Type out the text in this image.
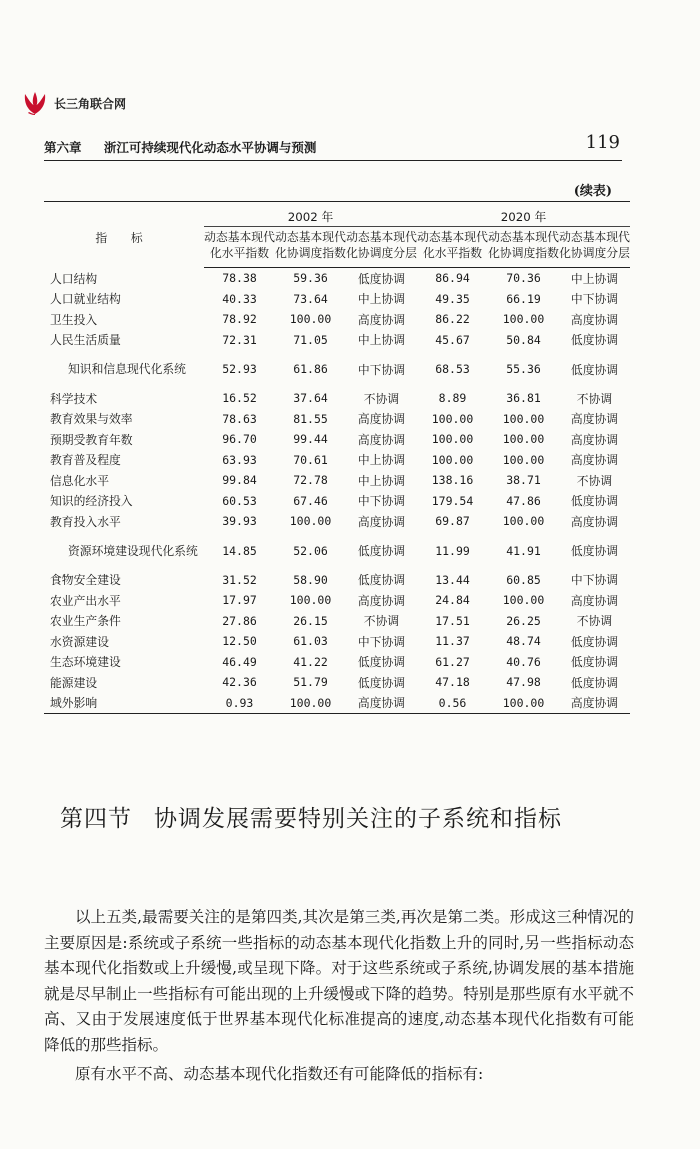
长三角联合网
第六章 浙江可持续现代化动态水平协调与预测	119
(续表)
指 标	2002 年			2020 年		
	动态基本现代化水平指数	动态基本现代化协调度指数	动态基本现代化协调度分层	动态基本现代化水平指数	动态基本现代化协调度指数	动态基本现代化协调度分层
人口结构	78.38	59.36	低度协调	86.94	70.36	中上协调
人口就业结构	40.33	73.64	中上协调	49.35	66.19	中下协调
卫生投入	78.92	100.00	高度协调	86.22	100.00	高度协调
人民生活质量	72.31	71.05	中上协调	45.67	50.84	低度协调
知识和信息现代化系统	52.93	61.86	中下协调	68.53	55.36	低度协调
科学技术	16.52	37.64	不协调	8.89	36.81	不协调
教育效果与效率	78.63	81.55	高度协调	100.00	100.00	高度协调
预期受教育年数	96.70	99.44	高度协调	100.00	100.00	高度协调
教育普及程度	63.93	70.61	中上协调	100.00	100.00	高度协调
信息化水平	99.84	72.78	中上协调	138.16	38.71	不协调
知识的经济投入	60.53	67.46	中下协调	179.54	47.86	低度协调
教育投入水平	39.93	100.00	高度协调	69.87	100.00	高度协调
资源环境建设现代化系统	14.85	52.06	低度协调	11.99	41.91	低度协调
食物安全建设	31.52	58.90	低度协调	13.44	60.85	中下协调
农业产出水平	17.97	100.00	高度协调	24.84	100.00	高度协调
农业生产条件	27.86	26.15	不协调	17.51	26.25	不协调
水资源建设	12.50	61.03	中下协调	11.37	48.74	低度协调
生态环境建设	46.49	41.22	低度协调	61.27	40.76	低度协调
能源建设	42.36	51.79	低度协调	47.18	47.98	低度协调
域外影响	0.93	100.00	高度协调	0.56	100.00	高度协调
第四节 协调发展需要特别关注的子系统和指标

以上五类,最需要关注的是第四类,其次是第三类,再次是第二类。形成这三种情况的主要原因是:系统或子系统一些指标的动态基本现代化指数上升的同时,另一些指标动态基本现代化指数或上升缓慢,或呈现下降。对于这些系统或子系统,协调发展的基本措施就是尽早制止一些指标有可能出现的上升缓慢或下降的趋势。特别是那些原有水平就不高、又由于发展速度低于世界基本现代化标准提高的速度,动态基本现代化指数有可能降低的那些指标。

原有水平不高、动态基本现代化指数还有可能降低的指标有:
